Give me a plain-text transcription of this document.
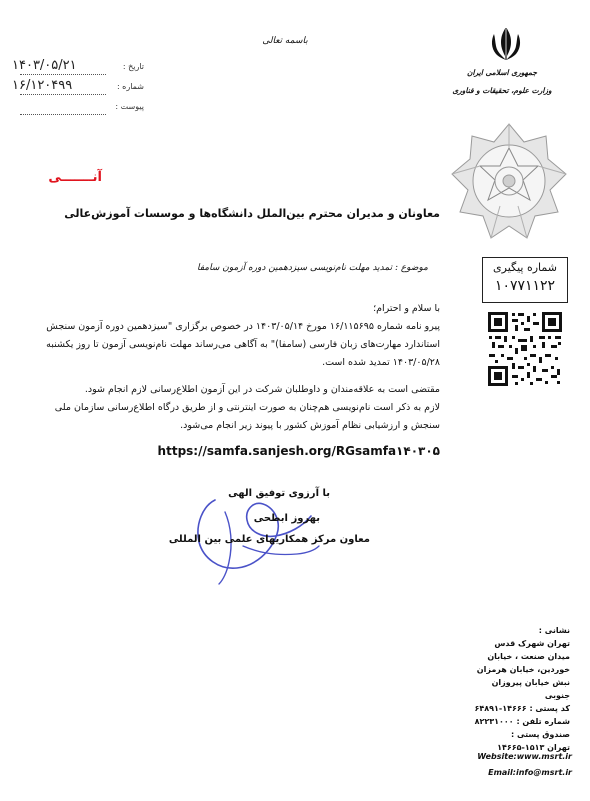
۱۴۰۳/۰۵/۲۱	تاریخ :
۱۶/۱۲۰۴۹۹	شماره :
پیوست :
باسمه تعالی
جمهوری اسلامی ایران
وزارت علوم، تحقیقات و فناوری
آنـــــــی
معاونان و مدیران محترم بین‌الملل دانشگاه‌ها و موسسات آموزش‌عالی
شماره پیگیری
۱۰۷۷۱۱۲۲
موضوع : تمدید مهلت نام‌نویسی سیزدهمین دوره آزمون سامفا
با سلام و احترام؛
پیرو نامه شماره ۱۶/۱۱۵۶۹۵ مورخ ۱۴۰۳/۰۵/۱۴ در خصوص برگزاری "سیزدهمین دوره آزمون سنجش استاندارد مهارت‌های زبان فارسی (سامفا)" به آگاهی می‌رساند مهلت نام‌نویسی آزمون تا روز یکشنبه ۱۴۰۳/۰۵/۲۸ تمدید شده است.
مقتضی است به علاقه‌مندان و داوطلبان شرکت در این آزمون اطلاع‌رسانی لازم انجام شود.
لازم به ذکر است نام‌نویسی هم‌چنان به صورت اینترنتی و از طریق درگاه اطلاع‌رسانی سازمان ملی سنجش و ارزشیابی نظام آموزش کشور با پیوند زیر انجام می‌شود.
https://samfa.sanjesh.org/RGsamfa۱۴۰۳۰۵
با آرزوی توفیق الهی
بهروز ابطحی
معاون مرکز همکاریهای علمی بین المللی
نشانی :
تهران شهرک قدس
میدان صنعت ، خیابان
خوردین، خیابان هرمزان
نبش خیابان پیروزان جنوبی
کد پستی : ۱۴۶۶۶-۶۴۸۹۱
شماره تلفن : ۸۲۲۳۱۰۰۰
صندوق پستی :
تهران ۱۵۱۳-۱۴۶۶۵
Website:www.msrt.ir
Email:info@msrt.ir
